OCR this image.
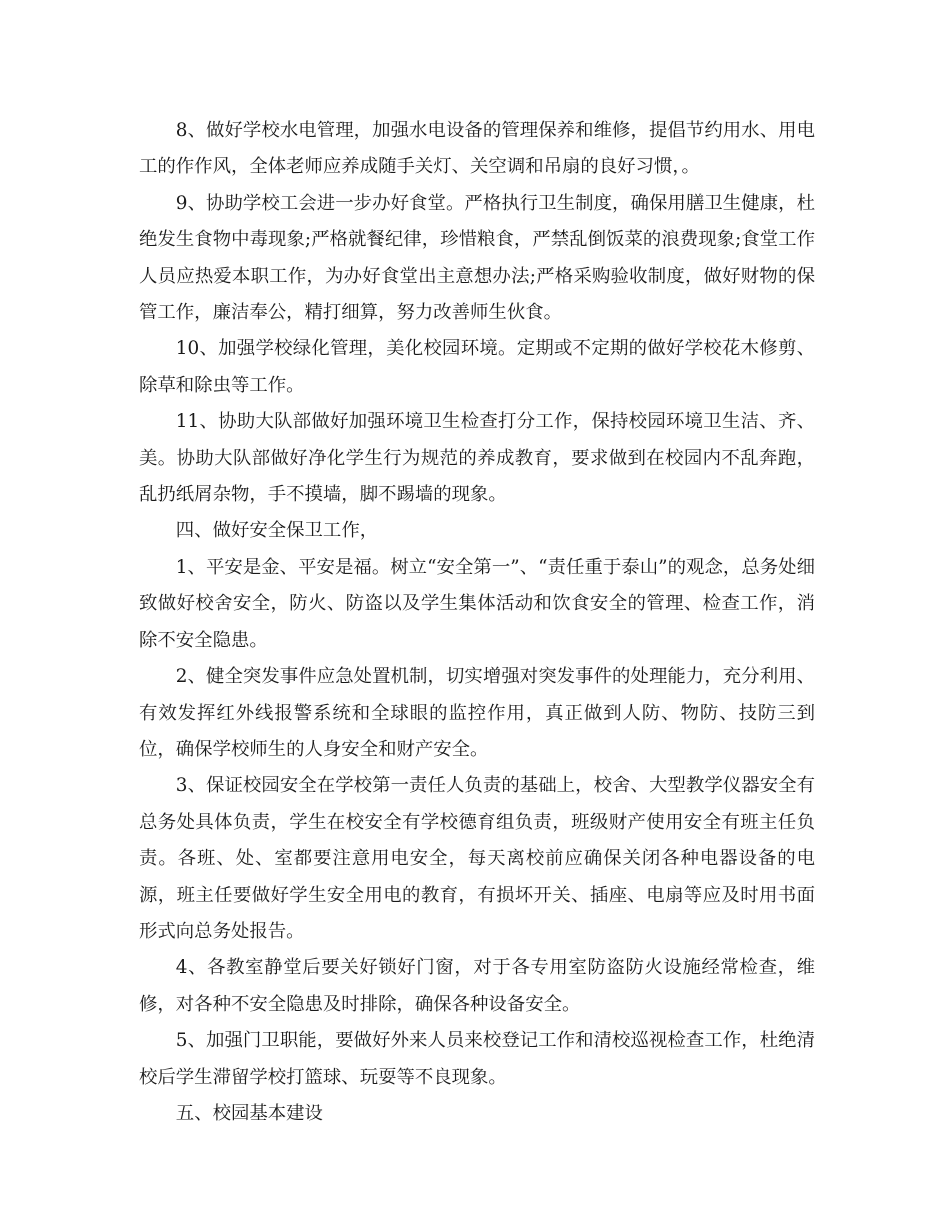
8、做好学校水电管理，加强水电设备的管理保养和维修，提倡节约用水、用电工的作作风，全体老师应养成随手关灯、关空调和吊扇的良好习惯，。

9、协助学校工会进一步办好食堂。严格执行卫生制度，确保用膳卫生健康，杜绝发生食物中毒现象;严格就餐纪律，珍惜粮食，严禁乱倒饭菜的浪费现象;食堂工作人员应热爱本职工作，为办好食堂出主意想办法;严格采购验收制度，做好财物的保管工作，廉洁奉公，精打细算，努力改善师生伙食。

10、加强学校绿化管理，美化校园环境。定期或不定期的做好学校花木修剪、除草和除虫等工作。

11、协助大队部做好加强环境卫生检查打分工作，保持校园环境卫生洁、齐、美。协助大队部做好净化学生行为规范的养成教育，要求做到在校园内不乱奔跑，乱扔纸屑杂物，手不摸墙，脚不踢墙的现象。

四、做好安全保卫工作，

1、平安是金、平安是福。树立“安全第一”、“责任重于泰山”的观念，总务处细致做好校舍安全，防火、防盗以及学生集体活动和饮食安全的管理、检查工作，消除不安全隐患。

2、健全突发事件应急处置机制，切实增强对突发事件的处理能力，充分利用、有效发挥红外线报警系统和全球眼的监控作用，真正做到人防、物防、技防三到位，确保学校师生的人身安全和财产安全。

3、保证校园安全在学校第一责任人负责的基础上，校舍、大型教学仪器安全有总务处具体负责，学生在校安全有学校德育组负责，班级财产使用安全有班主任负责。各班、处、室都要注意用电安全，每天离校前应确保关闭各种电器设备的电源，班主任要做好学生安全用电的教育，有损坏开关、插座、电扇等应及时用书面形式向总务处报告。

4、各教室静堂后要关好锁好门窗，对于各专用室防盗防火设施经常检查，维修，对各种不安全隐患及时排除，确保各种设备安全。

5、加强门卫职能，要做好外来人员来校登记工作和清校巡视检查工作，杜绝清校后学生滞留学校打篮球、玩耍等不良现象。

五、校园基本建设
